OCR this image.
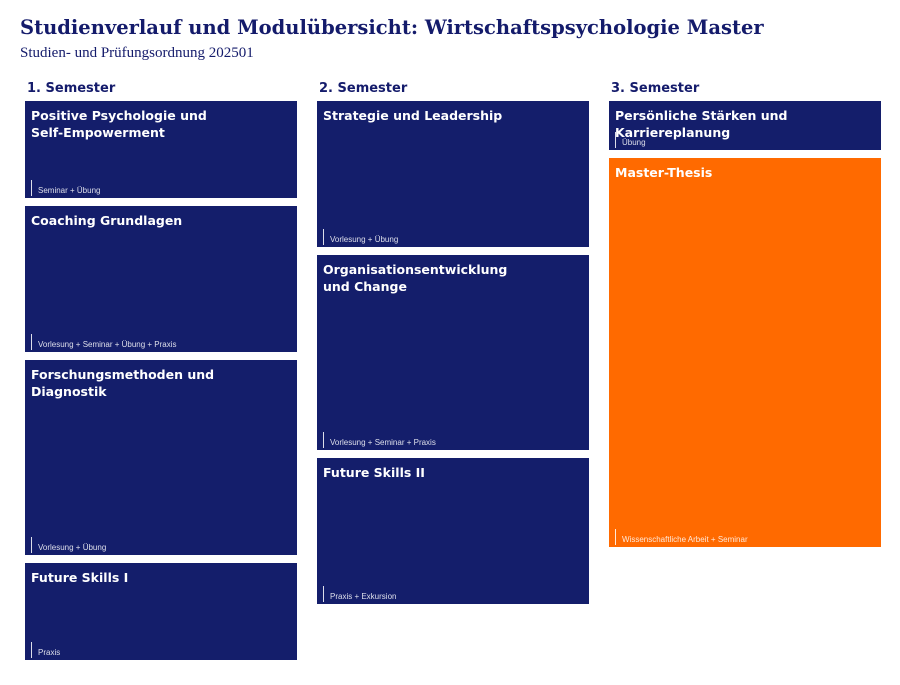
Studienverlauf und Modulübersicht: Wirtschaftspsychologie Master
Studien- und Prüfungsordnung 202501
1. Semester
Positive Psychologie und
Self-Empowerment
Seminar + Übung
Coaching Grundlagen
Vorlesung + Seminar + Übung + Praxis
Forschungsmethoden und Diagnostik
Vorlesung + Übung
Future Skills I
Praxis
2. Semester
Strategie und Leadership
Vorlesung + Übung
Organisationsentwicklung
und Change
Vorlesung + Seminar + Praxis
Future Skills II
Praxis + Exkursion
3. Semester
Persönliche Stärken und Karriereplanung
Übung
Master-Thesis
Wissenschaftliche Arbeit + Seminar
